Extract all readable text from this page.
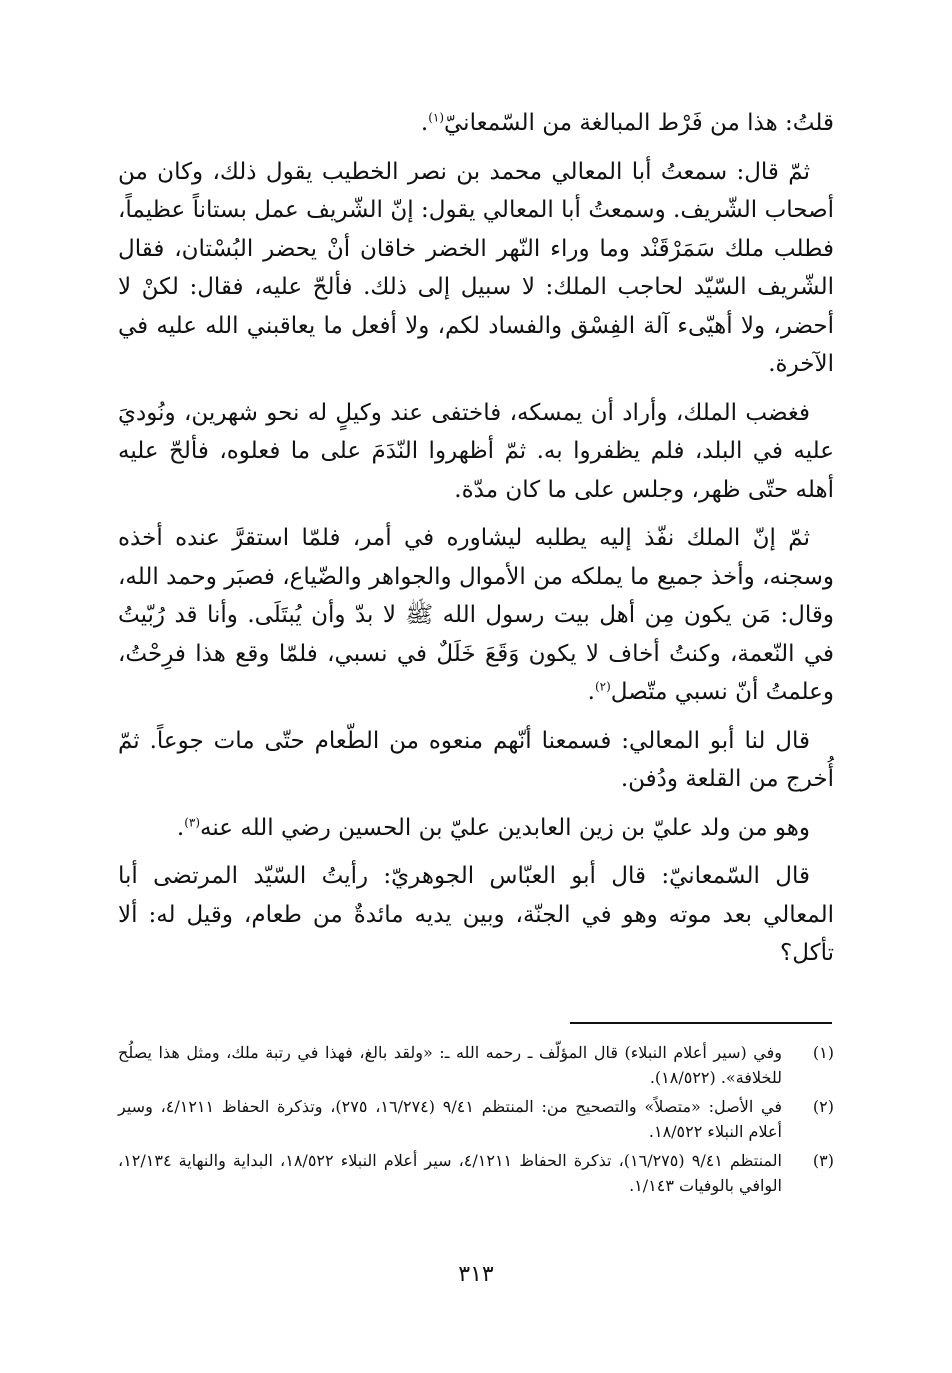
قلتُ: هذا من فَرْط المبالغة من السّمعانيّ$^{(١)}$.

ثمّ قال: سمعتُ أبا المعالي محمد بن نصر الخطيب يقول ذلك، وكان من أصحاب الشّريف. وسمعتُ أبا المعالي يقول: إنّ الشّريف عمل بستاناً عظيماً، فطلب ملك سَمَرْقَنْد وما وراء النّهر الخضر خاقان أنْ يحضر البُسْتان، فقال الشّريف السّيّد لحاجب الملك: لا سبيل إلى ذلك. فألحّ عليه، فقال: لكنْ لا أحضر، ولا أهيّىء آلة الفِسْق والفساد لكم، ولا أفعل ما يعاقبني الله عليه في الآخرة.

فغضب الملك، وأراد أن يمسكه، فاختفى عند وكيلٍ له نحو شهرين، ونُوديَ عليه في البلد، فلم يظفروا به. ثمّ أظهروا النّدَمَ على ما فعلوه، فألحّ عليه أهله حتّى ظهر، وجلس على ما كان مدّة.

ثمّ إنّ الملك نفّذ إليه يطلبه ليشاوره في أمر، فلمّا استقرَّ عنده أخذه وسجنه، وأخذ جميع ما يملكه من الأموال والجواهر والضّياع، فصبَر وحمد الله، وقال: مَن يكون مِن أهل بيت رسول الله ﷺ لا بدّ وأن يُبتَلَى. وأنا قد رُبّيتُ في النّعمة، وكنتُ أخاف لا يكون وَقَعَ خَلَلٌ في نسبي، فلمّا وقع هذا فرِحْتُ، وعلمتُ أنّ نسبي متّصل$^{(٢)}$.

قال لنا أبو المعالي: فسمعنا أنّهم منعوه من الطّعام حتّى مات جوعاً. ثمّ أُخرج من القلعة ودُفن.

وهو من ولد عليّ بن زين العابدين عليّ بن الحسين رضي الله عنه$^{(٣)}$.

قال السّمعانيّ: قال أبو العبّاس الجوهريّ: رأيتُ السّيّد المرتضى أبا المعالي بعد موته وهو في الجنّة، وبين يديه مائدةٌ من طعام، وقيل له: ألا تأكل؟

(١)
وفي (سير أعلام النبلاء) قال المؤلّف ـ رحمه الله ـ: «ولقد بالغ، فهذا في رتبة ملك، ومثل هذا يصلُح للخلافة». (١٨/٥٢٢).
(٢)
في الأصل: «متصلاً» والتصحيح من: المنتظم ٩/٤١ (١٦/٢٧٤، ٢٧٥)، وتذكرة الحفاظ ٤/١٢١١، وسير أعلام النبلاء ١٨/٥٢٢.
(٣)
المنتظم ٩/٤١ (١٦/٢٧٥)، تذكرة الحفاظ ٤/١٢١١، سير أعلام النبلاء ١٨/٥٢٢، البداية والنهاية ١٢/١٣٤، الوافي بالوفيات ١/١٤٣.
٣١٣
